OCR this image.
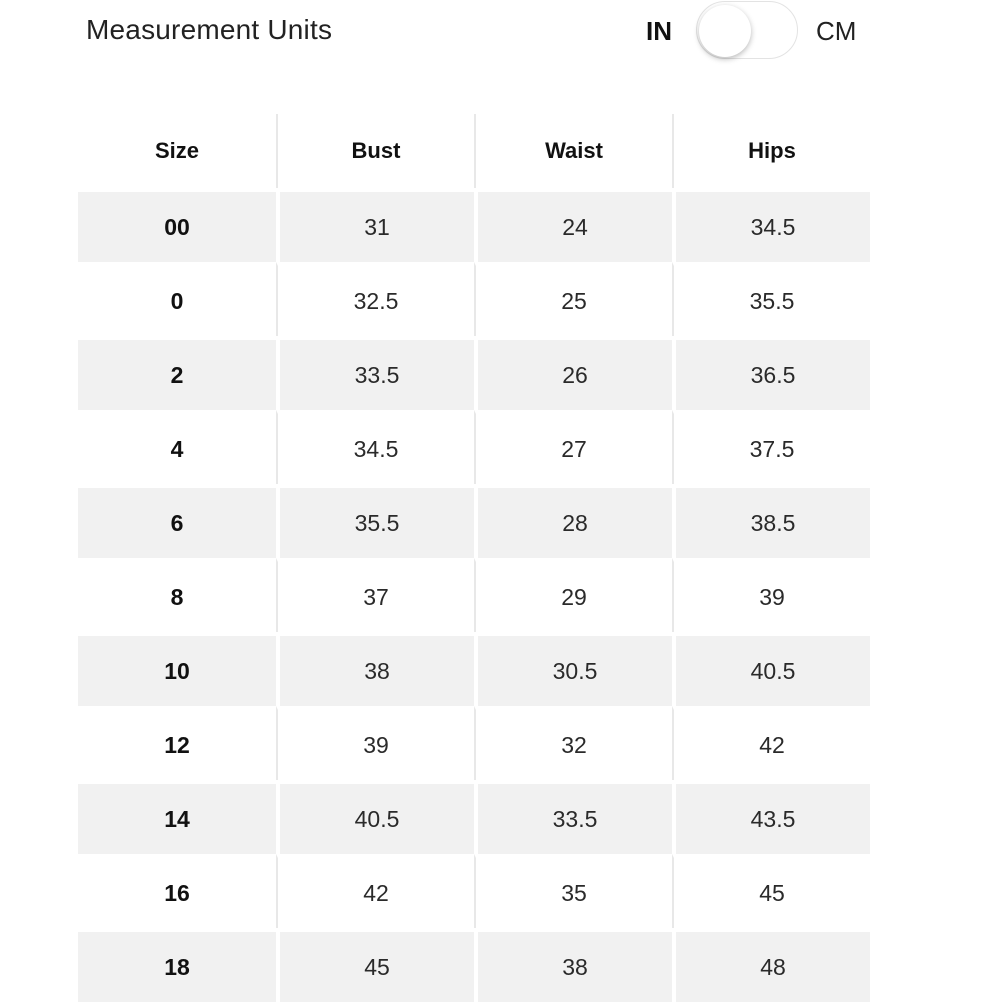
Measurement Units	IN	CM
Size	Bust	Waist	Hips
00	31	24	34.5
0	32.5	25	35.5
2	33.5	26	36.5
4	34.5	27	37.5
6	35.5	28	38.5
8	37	29	39
10	38	30.5	40.5
12	39	32	42
14	40.5	33.5	43.5
16	42	35	45
18	45	38	48
